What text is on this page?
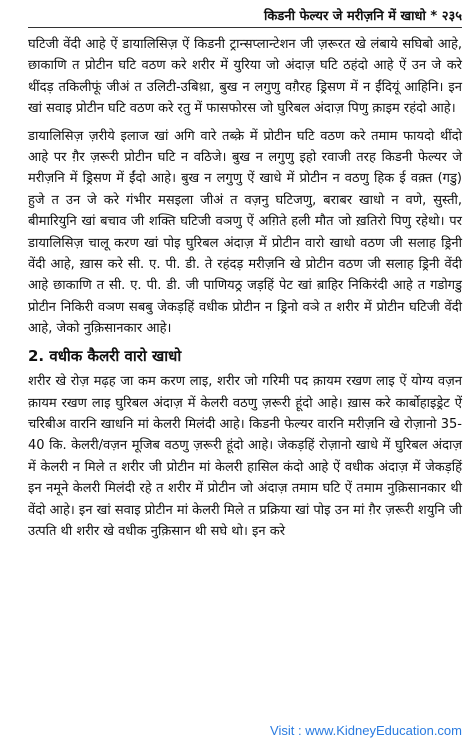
किडनी फेल्यर जे मरीज़नि में खाधो * २३५

घटिजी वेंदी आहे ऐं डायालिसिज़ ऐं किडनी ट्रान्सप्लान्टेशन जी ज़रूरत खे लंबाये सघिबो आहे, छाकाणि त प्रोटीन घटि वठण करे शरीर में युरिया जो अंदाज़ घटि ठहंदो आहे ऐं उन जे करे थींदड़ तकिलीफूं जीअं त उलिटी-उबिथ़ा, बुख न लगुणु वग़ैरह ड्रिसण में न ईंदियूं आहिनि। इन खां सवाइ प्रोटीन घटि वठण करे रतु में फासफोरस जो घुरिबल अंदाज़ पिणु क़ाइम रहंदो आहे।

डायालिसिज़ ज़रीये इलाज खां अगि वारे तब्क़े में प्रोटीन घटि वठण करे तमाम फायदो थींदो आहे पर ग़ैर ज़रूरी प्रोटीन घटि न वठिजे। बुख न लगुणु इहो रवाजी तरह किडनी फेल्यर जे मरीज़नि में ड्रिसण में ईंदो आहे। बुख न लगुणु ऐं खाधे में प्रोटीन न वठणु हिक ई वक़्त (गडु) हुजे त उन जे करे गंभीर मसइला जीअं त वज़नु घटिजणु, बराबर खाधो न वणे, सुस्ती, बीमारियुनि खां बचाव जी शक्ति घटिजी वञणु ऐं अग़िते हली मौत जो ख़तिरो पिणु रहेथो। पर डायालिसिज़ चालू करण खां पोइ घुरिबल अंदाज़ में प्रोटीन वारो खाधो वठण जी सलाह ड्रिनी वेंदी आहे, ख़ास करे सी. ए. पी. डी. ते रहंदड़ मरीज़नि खे प्रोटीन वठण जी सलाह ड्रिनी वेंदी आहे छाकाणि त सी. ए. पी. डी. जी पाणियठ्र जड़हिं पेट खां ब़ाहिर निकिरंदी आहे त गडोगडु प्रोटीन निकिरी वञण सबबु जेकड़हिं वधीक प्रोटीन न ड्रिनो वञे त शरीर में प्रोटीन घटिजी वेंदी आहे, जेको नुक़िसानकार आहे।

2. वधीक कैलरी वारो खाधो

शरीर खे रोज़ मढ़ह जा कम करण लाइ, शरीर जो गरिमी पद क़ायम रखण लाइ ऐं योग्य वज़न क़ायम रखण लाइ घुरिबल अंदाज़ में केलरी वठणु ज़रूरी हूंदो आहे। ख़ास करे कार्बोहाइड्रेट ऐं चरिबीअ वारनि खाधनि मां केलरी मिलंदी आहे। किडनी फेल्यर वारनि मरीज़नि खे रोज़ानो 35-40 कि. केलरी/वज़न मूजिब वठणु ज़रूरी हूंदो आहे। जेकड़हिं रोज़ानो खाधे में घुरिबल अंदाज़ में केलरी न मिले त शरीर जी प्रोटीन मां केलरी हासिल कंदो आहे ऐं वधीक अंदाज़ में जेकड़हिं इन नमूने केलरी मिलंदी रहे त शरीर में प्रोटीन जो अंदाज़ तमाम घटि ऐं तमाम नुक़िसानकार थी वेंदो आहे। इन खां सवाइ प्रोटीन मां केलरी मिले त प्रक्रिया खां पोइ उन मां ग़ैर ज़रूरी शयुनि जी उत्पति थी शरीर खे वधीक नुक़िसान थी सघे थो। इन करे

Visit : www.KidneyEducation.com
